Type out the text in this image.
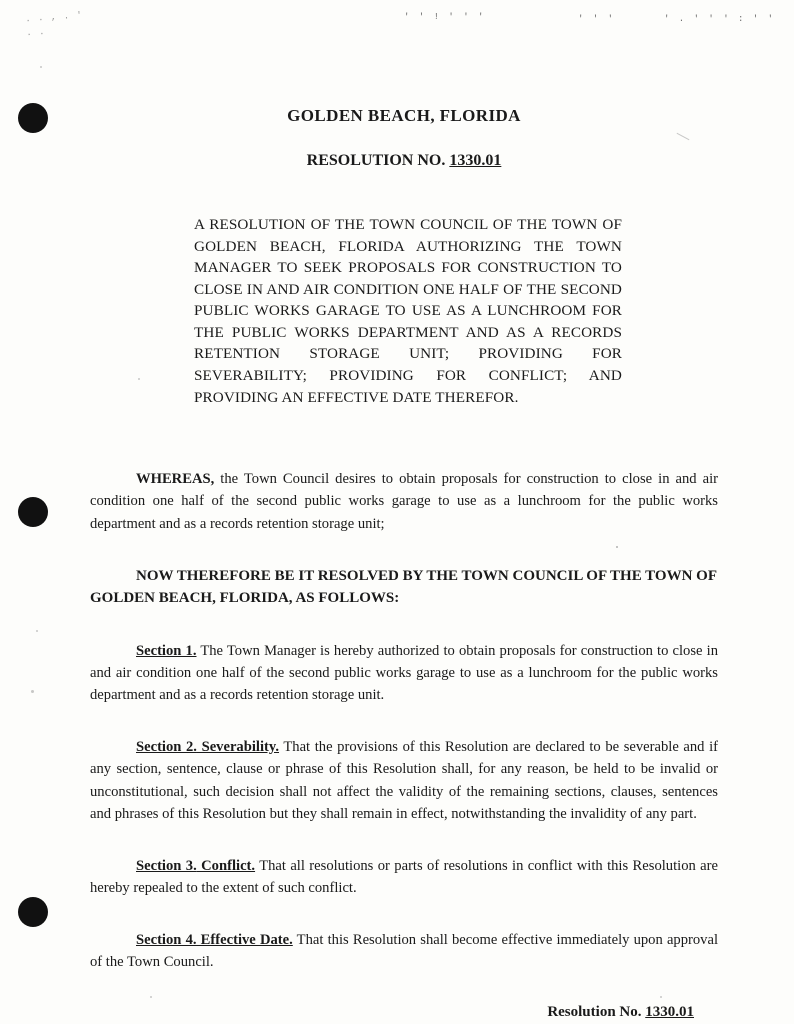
' ' ! ' ' '	' ' '	' . ' ' ' : ' '
. . , . ' . .
GOLDEN BEACH, FLORIDA
RESOLUTION NO. 1330.01
A RESOLUTION OF THE TOWN COUNCIL OF THE TOWN OF GOLDEN BEACH, FLORIDA AUTHORIZING THE TOWN MANAGER TO SEEK PROPOSALS FOR CONSTRUCTION TO CLOSE IN AND AIR CONDITION ONE HALF OF THE SECOND PUBLIC WORKS GARAGE TO USE AS A LUNCHROOM FOR THE PUBLIC WORKS DEPARTMENT AND AS A RECORDS RETENTION STORAGE UNIT; PROVIDING FOR SEVERABILITY; PROVIDING FOR CONFLICT; AND PROVIDING AN EFFECTIVE DATE THEREFOR.
WHEREAS, the Town Council desires to obtain proposals for construction to close in and air condition one half of the second public works garage to use as a lunchroom for the public works department and as a records retention storage unit;
NOW THEREFORE BE IT RESOLVED BY THE TOWN COUNCIL OF THE TOWN OF GOLDEN BEACH, FLORIDA, AS FOLLOWS:
Section 1. The Town Manager is hereby authorized to obtain proposals for construction to close in and air condition one half of the second public works garage to use as a lunchroom for the public works department and as a records retention storage unit.
Section 2. Severability. That the provisions of this Resolution are declared to be severable and if any section, sentence, clause or phrase of this Resolution shall, for any reason, be held to be invalid or unconstitutional, such decision shall not affect the validity of the remaining sections, clauses, sentences and phrases of this Resolution but they shall remain in effect, notwithstanding the invalidity of any part.
Section 3. Conflict. That all resolutions or parts of resolutions in conflict with this Resolution are hereby repealed to the extent of such conflict.
Section 4. Effective Date. That this Resolution shall become effective immediately upon approval of the Town Council.
Resolution No. 1330.01
